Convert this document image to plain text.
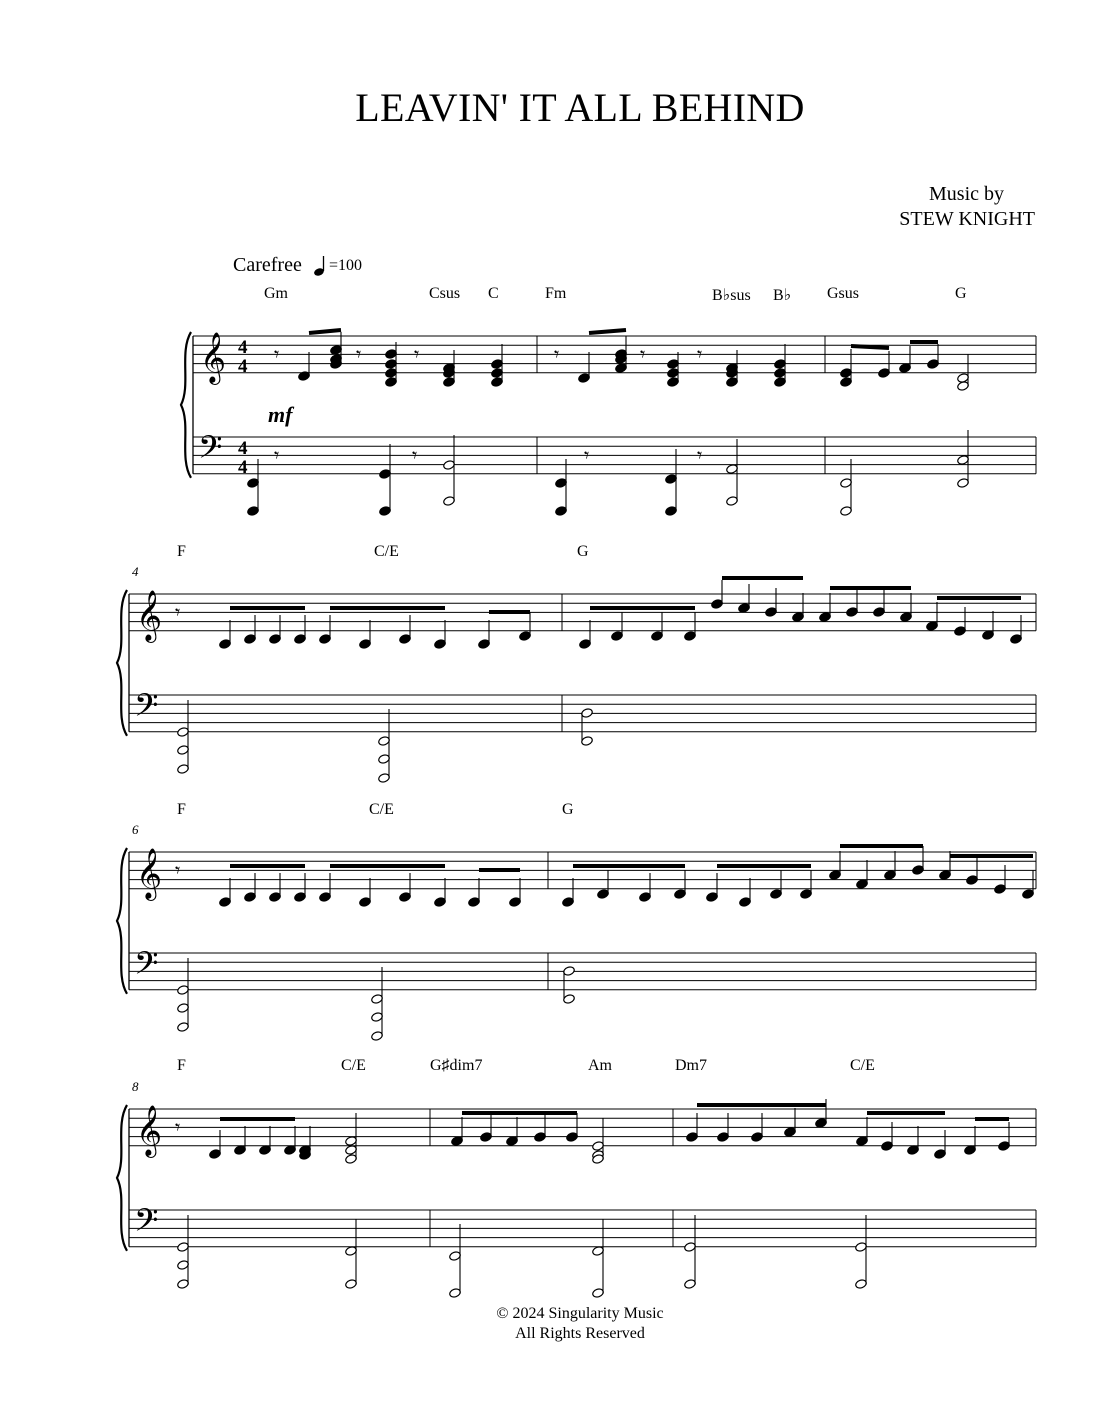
LEAVIN' IT ALL BEHIND
Music by
STEW KNIGHT
Carefree =100
Gm	Csus C	Fm	B♭sus B♭ Gsus	G
4
F	C/E	G
6
F	C/E	G
8
F	C/E	G♯dim7	Am	Dm7	C/E
𝄞
𝄢
4
4
4
4
𝄞
𝄢
𝄞
𝄢
𝄞
𝄢
𝄾	𝄾	𝄾	𝄾	𝄾	𝄾
𝄾	𝄾	𝄾	𝄾
𝄾
𝄾
𝄾
mf
© 2024 Singularity Music
All Rights Reserved
